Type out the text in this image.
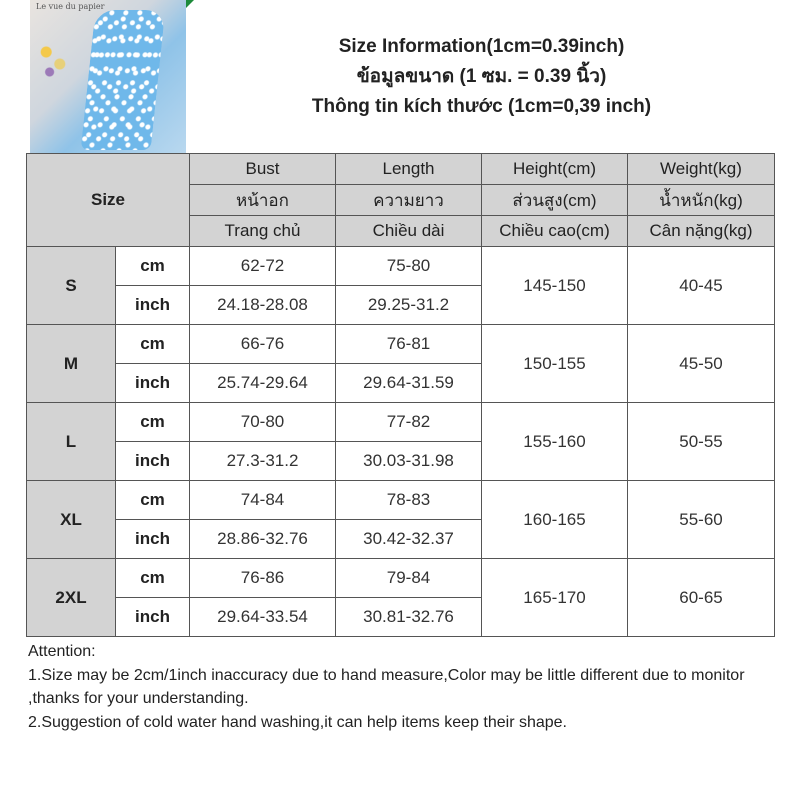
Le vue du papier
Size Information(1cm=0.39inch)
ข้อมูลขนาด (1 ซม. = 0.39 นิ้ว)
Thông tin kích thước (1cm=0,39 inch)
Size		Bust	Length	Height(cm)	Weight(kg)
		หน้าอก	ความยาว	ส่วนสูง(cm)	น้ำหนัก(kg)
		Trang chủ	Chiều dài	Chiều cao(cm)	Cân nặng(kg)
S	cm	62-72	75-80	145-150	40-45
	inch	24.18-28.08	29.25-31.2		
M	cm	66-76	76-81	150-155	45-50
	inch	25.74-29.64	29.64-31.59		
L	cm	70-80	77-82	155-160	50-55
	inch	27.3-31.2	30.03-31.98		
XL	cm	74-84	78-83	160-165	55-60
	inch	28.86-32.76	30.42-32.37		
2XL	cm	76-86	79-84	165-170	60-65
	inch	29.64-33.54	30.81-32.76		
Attention:
1.Size may be 2cm/1inch inaccuracy due to hand measure,Color may be little different due to monitor ,thanks for your understanding.
2.Suggestion of cold water hand washing,it can help items keep their shape.
